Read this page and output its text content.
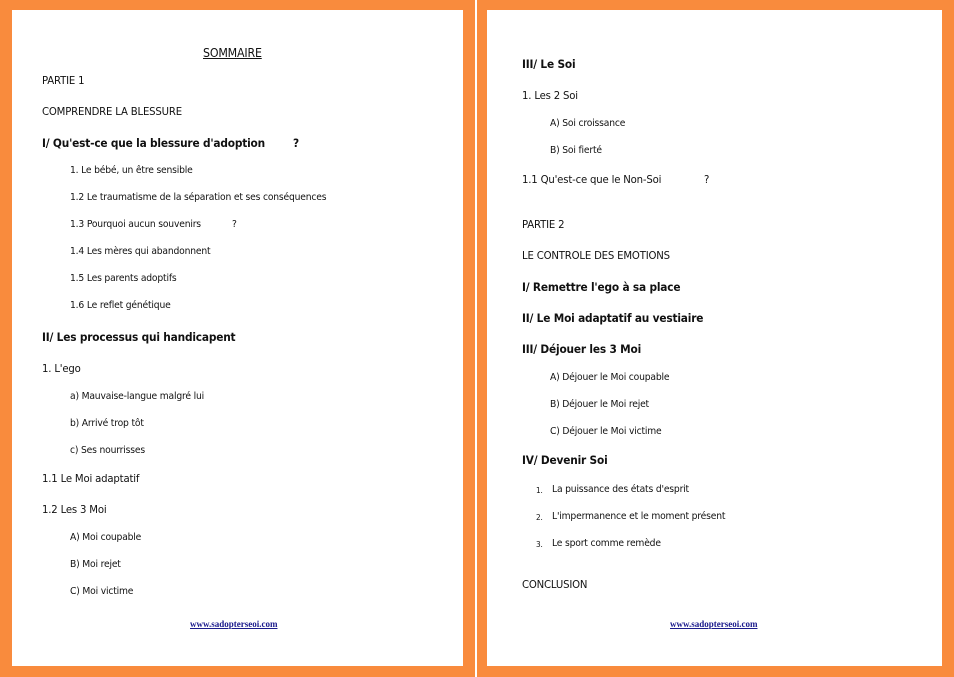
SOMMAIRE
PARTIE 1
COMPRENDRE LA BLESSURE
I/ Qu'est-ce que la blessure d'adoption ?
1. Le bébé, un être sensible
1.2 Le traumatisme de la séparation et ses conséquences
1.3 Pourquoi aucun souvenirs	?
1.4 Les mères qui abandonnent
1.5 Les parents adoptifs
1.6 Le reflet génétique
II/ Les processus qui handicapent
1. L'ego
a) Mauvaise-langue malgré lui
b) Arrivé trop tôt
c) Ses nourrisses
1.1 Le Moi adaptatif
1.2 Les 3 Moi
A) Moi coupable
B) Moi rejet
C) Moi victime
www.sadopterseoi.com
III/ Le Soi
1. Les 2 Soi
A) Soi croissance
B) Soi fierté
1.1 Qu'est-ce que le Non-Soi	?
PARTIE 2
LE CONTROLE DES EMOTIONS
I/ Remettre l'ego à sa place
II/ Le Moi adaptatif au vestiaire
III/ Déjouer les 3 Moi
A) Déjouer le Moi coupable
B) Déjouer le Moi rejet
C) Déjouer le Moi victime
IV/ Devenir Soi
1. La puissance des états d'esprit
2. L'impermanence et le moment présent
3. Le sport comme remède
CONCLUSION
www.sadopterseoi.com
